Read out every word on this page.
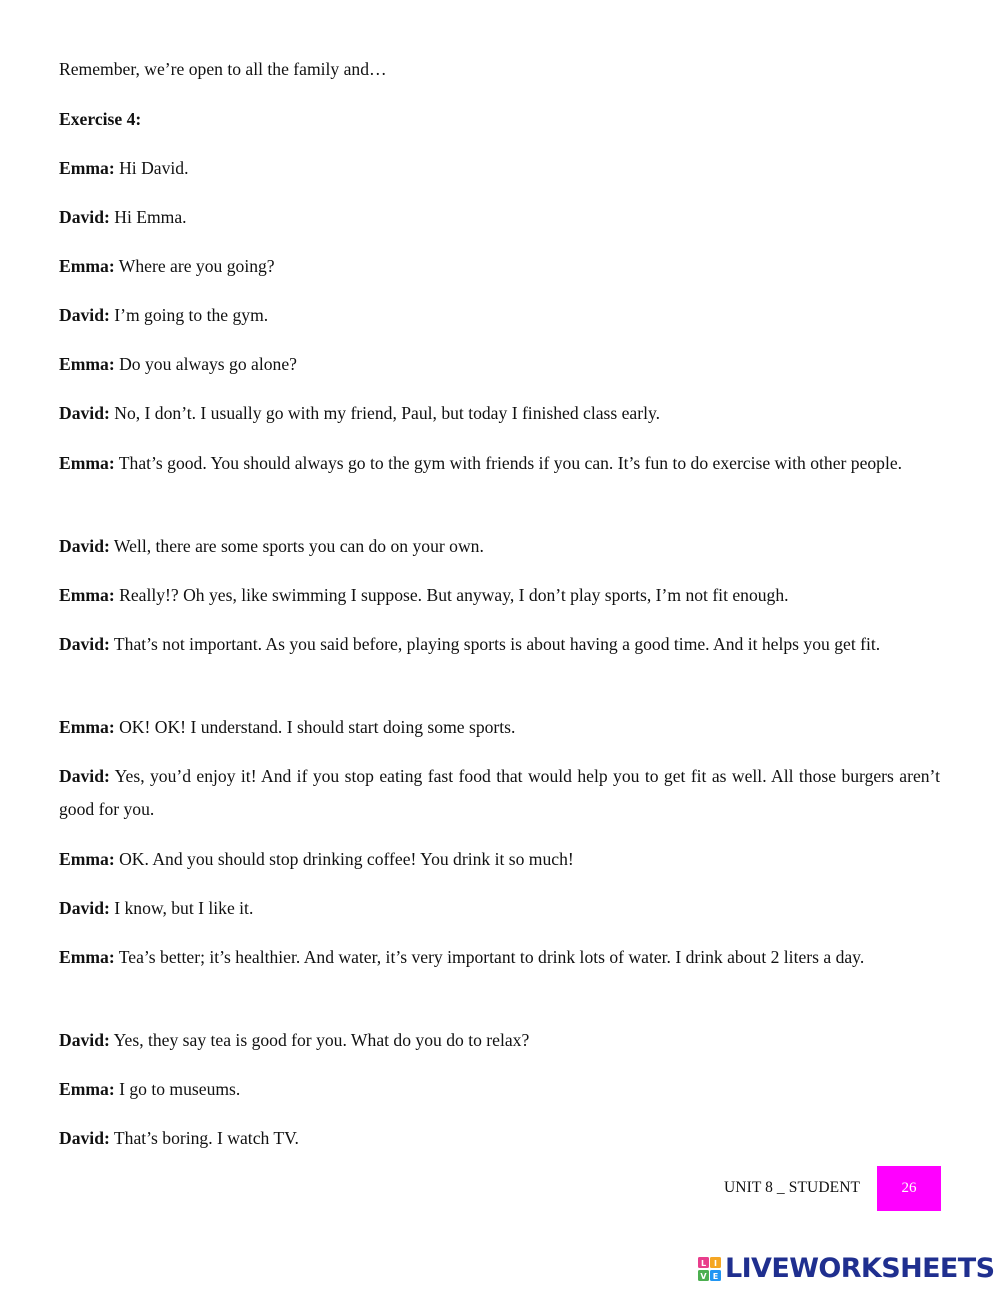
Remember, we’re open to all the family and…

Exercise 4:

Emma: Hi David.

David: Hi Emma.

Emma: Where are you going?

David: I’m going to the gym.

Emma: Do you always go alone?

David: No, I don’t. I usually go with my friend, Paul, but today I finished class early.

Emma: That’s good. You should always go to the gym with friends if you can. It’s fun to do exercise with other people.

David: Well, there are some sports you can do on your own.

Emma: Really!? Oh yes, like swimming I suppose. But anyway, I don’t play sports, I’m not fit enough.

David: That’s not important. As you said before, playing sports is about having a good time. And it helps you get fit.

Emma: OK! OK! I understand. I should start doing some sports.

David: Yes, you’d enjoy it! And if you stop eating fast food that would help you to get fit as well. All those burgers aren’t good for you.

Emma: OK. And you should stop drinking coffee! You drink it so much!

David: I know, but I like it.

Emma: Tea’s better; it’s healthier. And water, it’s very important to drink lots of water. I drink about 2 liters a day.

David: Yes, they say tea is good for you. What do you do to relax?

Emma: I go to museums.

David: That’s boring. I watch TV.

UNIT 8 _ STUDENT	26
L I
V E LIVEWORKSHEETS
